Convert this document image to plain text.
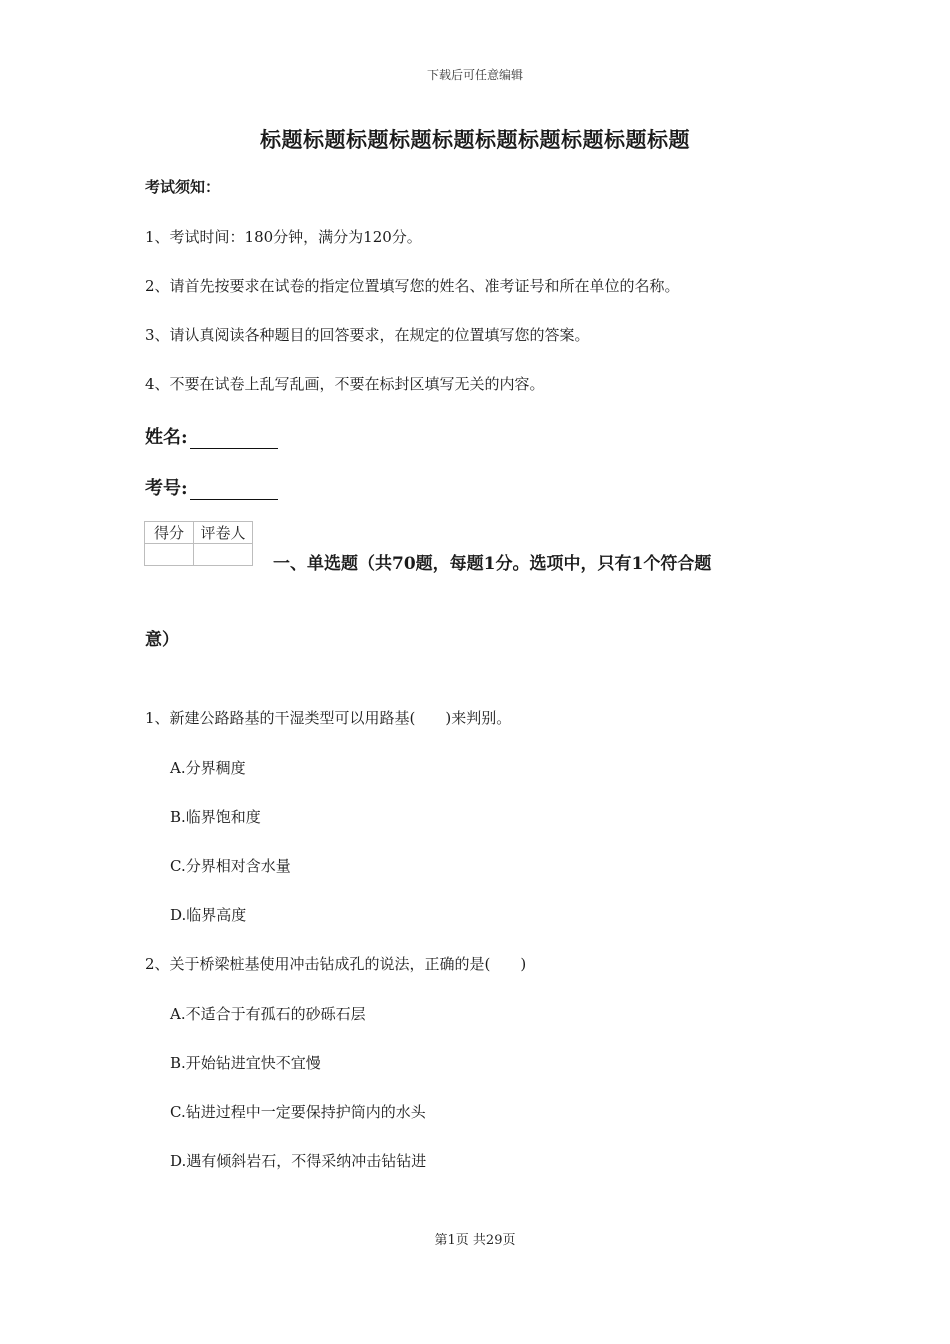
下载后可任意编辑
标题标题标题标题标题标题标题标题标题标题
考试须知：
1、考试时间：180分钟，满分为120分。
2、请首先按要求在试卷的指定位置填写您的姓名、准考证号和所在单位的名称。
3、请认真阅读各种题目的回答要求，在规定的位置填写您的答案。
4、不要在试卷上乱写乱画，不要在标封区填写无关的内容。
姓名:
考号:
得分	评卷人

一、单选题（共70题，每题1分。选项中，只有1个符合题
意）
1、新建公路路基的干湿类型可以用路基(　　)来判别。
A.分界稠度
B.临界饱和度
C.分界相对含水量
D.临界高度
2、关于桥梁桩基使用冲击钻成孔的说法，正确的是(　　)
A.不适合于有孤石的砂砾石层
B.开始钻进宜快不宜慢
C.钻进过程中一定要保持护筒内的水头
D.遇有倾斜岩石，不得采纳冲击钻钻进
第1页 共29页
